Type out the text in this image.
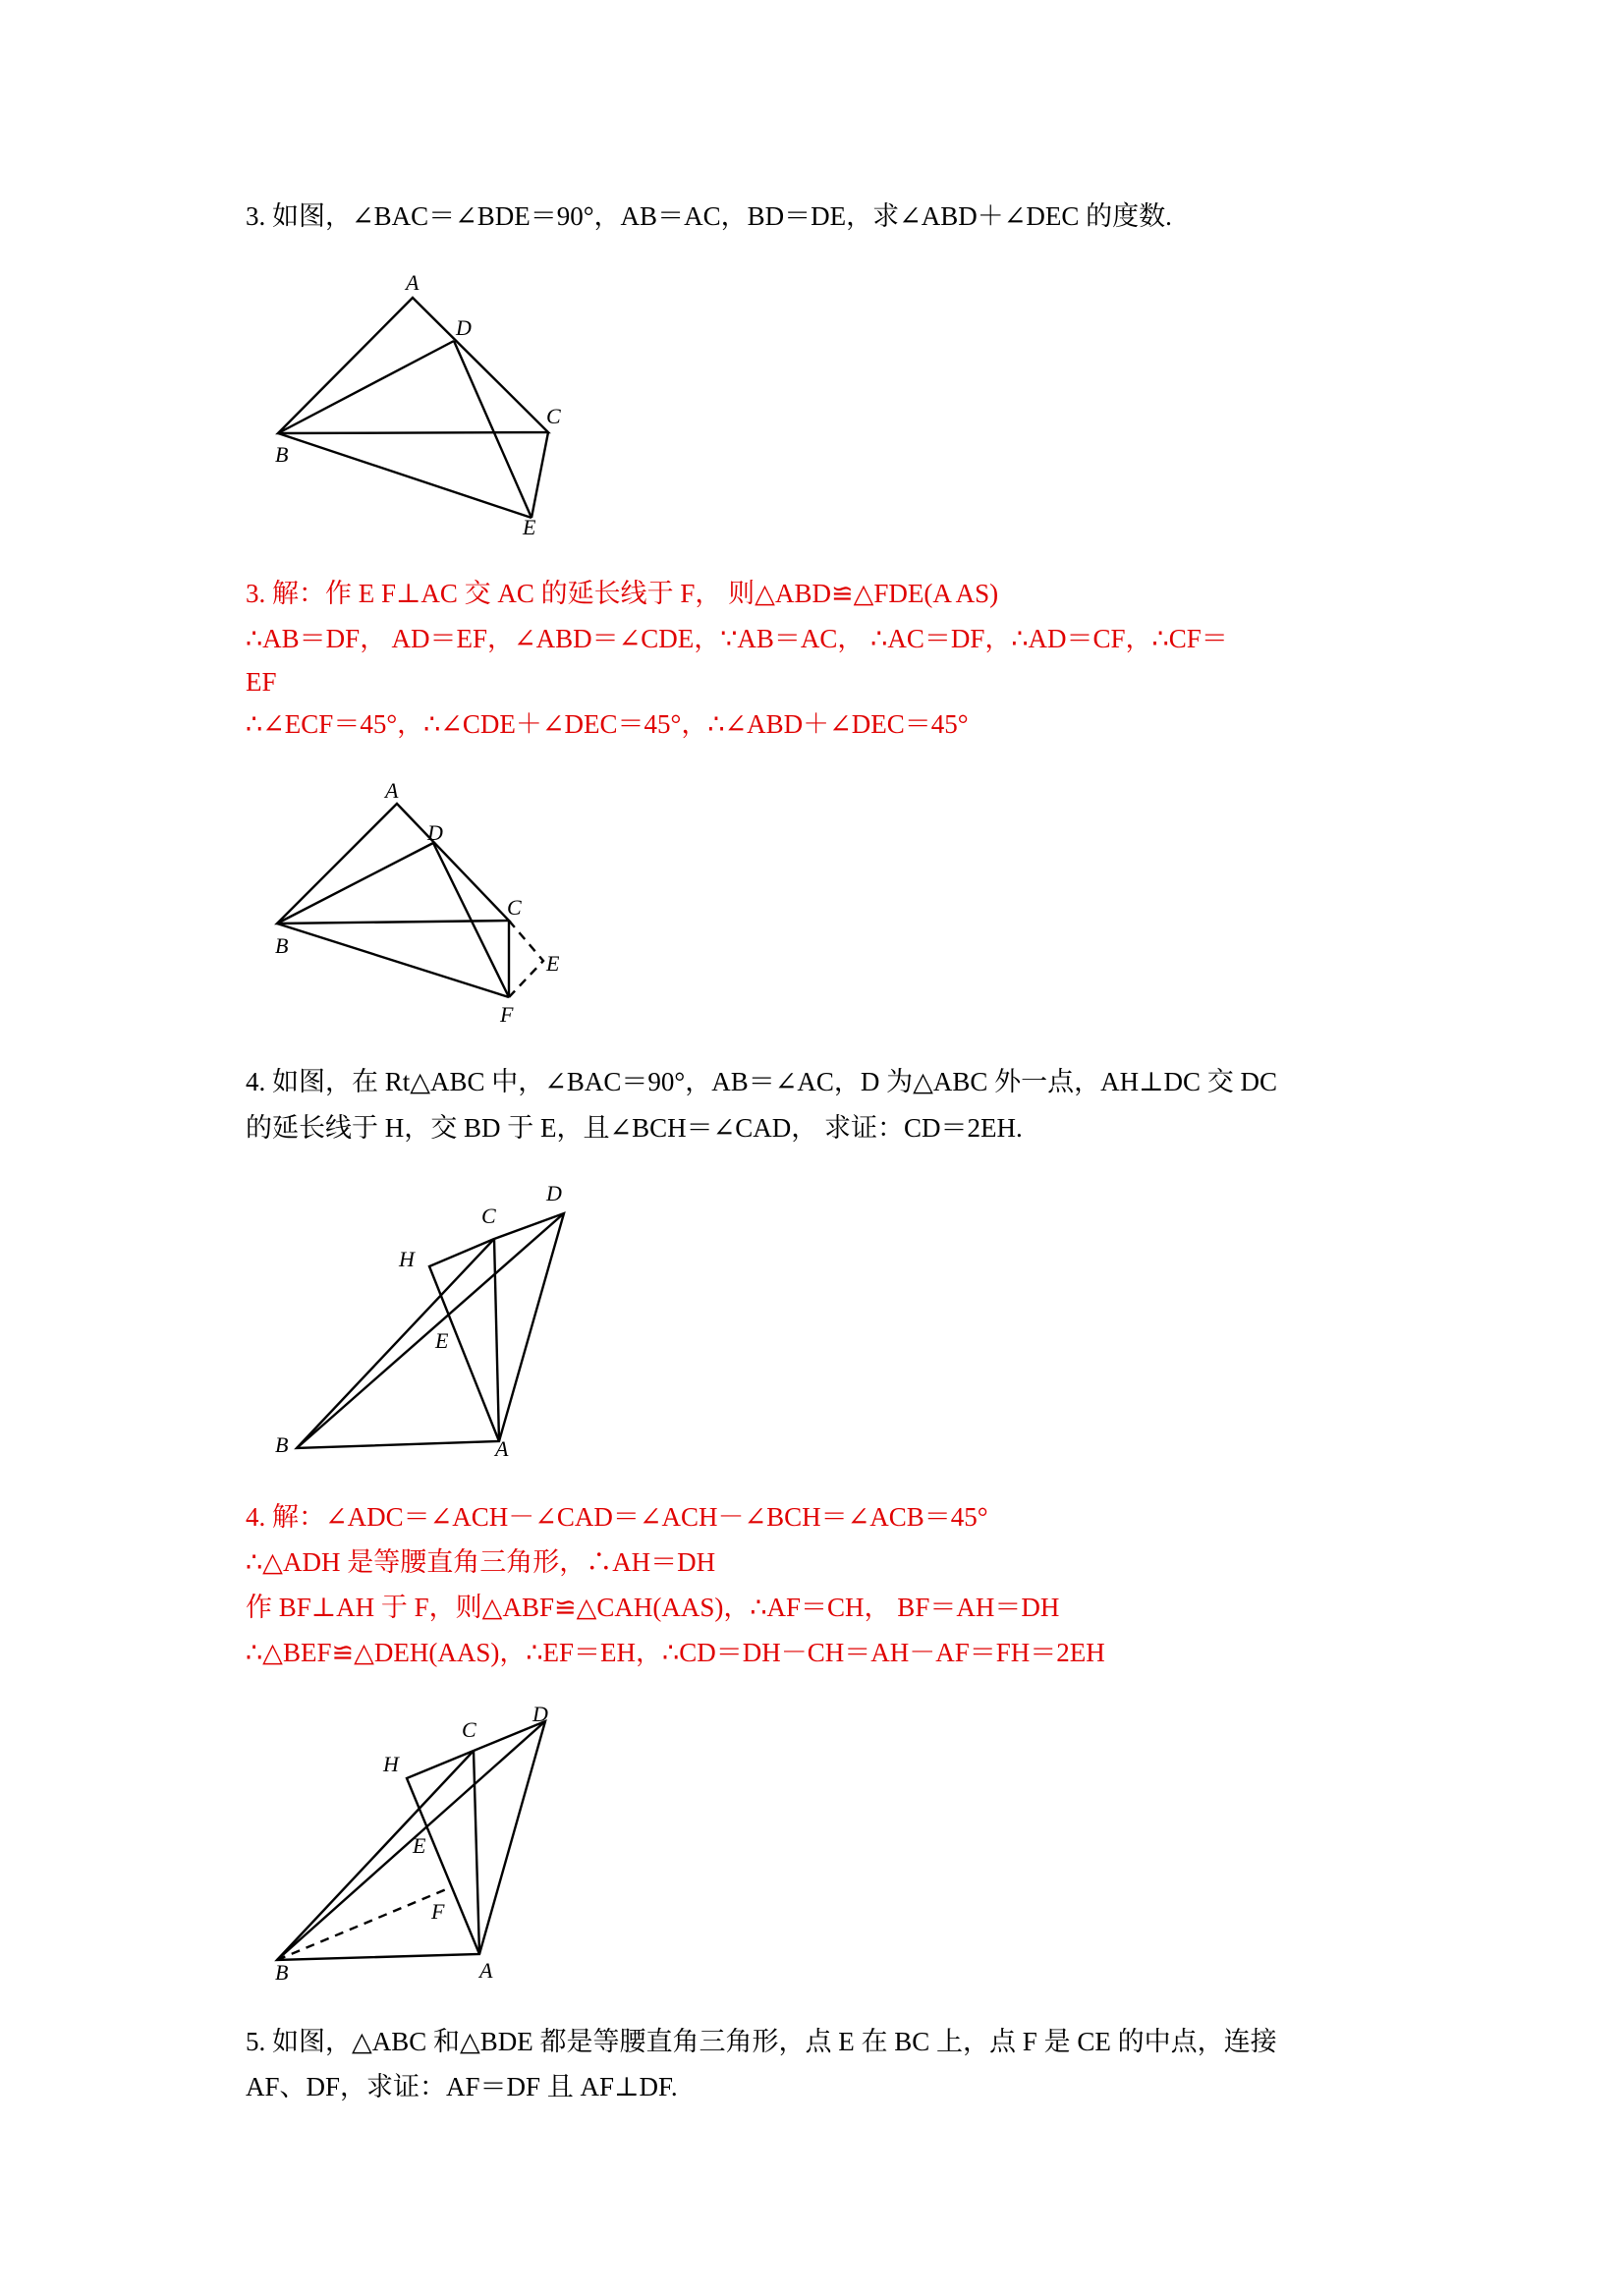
3. 如图，∠BAC＝∠BDE＝90°，AB＝AC，BD＝DE，求∠ABD＋∠DEC 的度数.
A
D
C
B
E
3. 解：作 E F⊥AC 交 AC 的延长线于 F， 则△ABD≌△FDE(A AS)
∴AB＝DF， AD＝EF，∠ABD＝∠CDE，∵AB＝AC， ∴AC＝DF，∴AD＝CF，∴CF＝
EF
∴∠ECF＝45°，∴∠CDE＋∠DEC＝45°，∴∠ABD＋∠DEC＝45°
A
D
C
B
E
F
4. 如图，在 Rt△ABC 中，∠BAC＝90°，AB＝∠AC，D 为△ABC 外一点，AH⊥DC 交 DC
的延长线于 H，交 BD 于 E，且∠BCH＝∠CAD， 求证：CD＝2EH.
D
C
H
E
B	A
4. 解：∠ADC＝∠ACH－∠CAD＝∠ACH－∠BCH＝∠ACB＝45°
∴△ADH 是等腰直角三角形，∴AH＝DH
作 BF⊥AH 于 F，则△ABF≌△CAH(AAS)，∴AF＝CH， BF＝AH＝DH
∴△BEF≌△DEH(AAS)，∴EF＝EH，∴CD＝DH－CH＝AH－AF＝FH＝2EH
D
C
H
E
F
B	A
5. 如图，△ABC 和△BDE 都是等腰直角三角形，点 E 在 BC 上，点 F 是 CE 的中点，连接
AF、DF，求证：AF＝DF 且 AF⊥DF.
